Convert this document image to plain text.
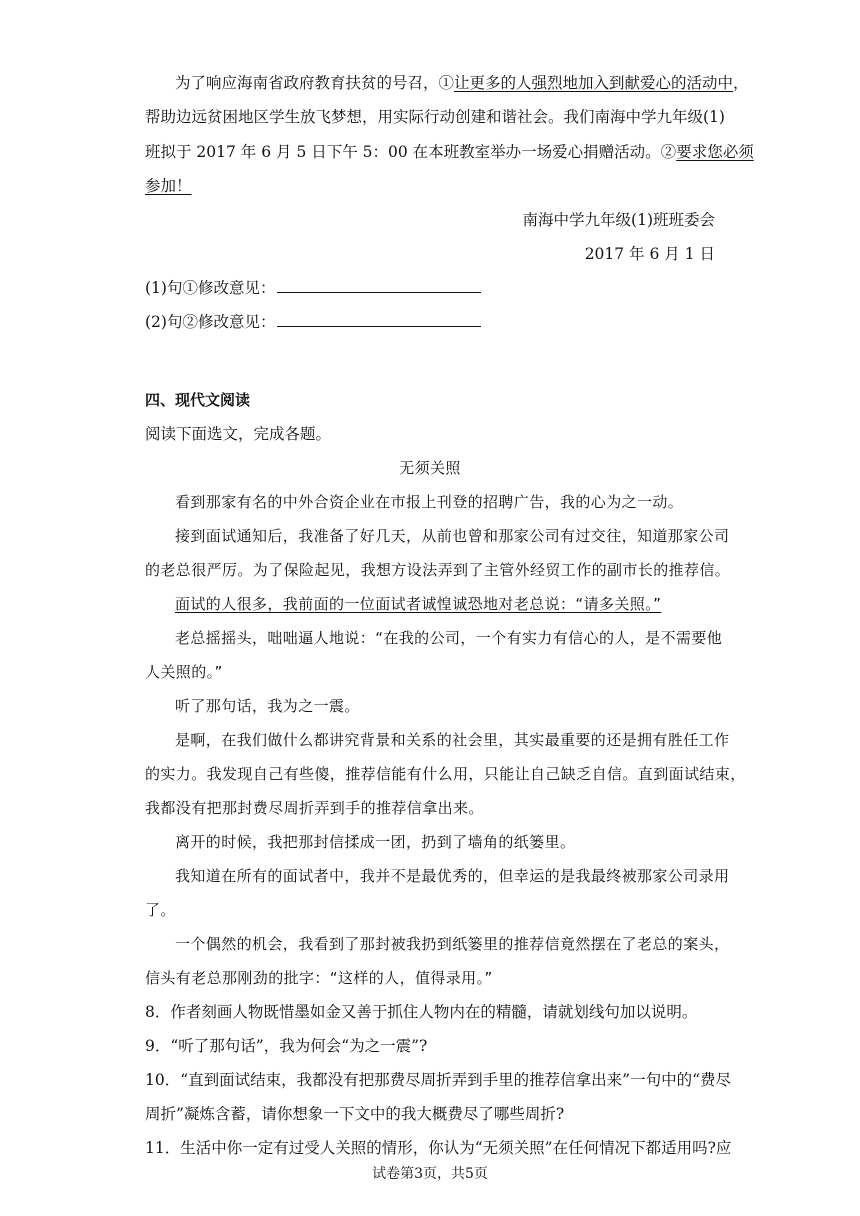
为了响应海南省政府教育扶贫的号召，①让更多的人强烈地加入到献爱心的活动中，
帮助边远贫困地区学生放飞梦想，用实际行动创建和谐社会。我们南海中学九年级(1)
班拟于 2017 年 6 月 5 日下午 5：00 在本班教室举办一场爱心捐赠活动。②要求您必须
参加！
南海中学九年级(1)班班委会
2017 年 6 月 1 日
(1)句①修改意见：
(2)句②修改意见：
四、现代文阅读
阅读下面选文，完成各题。
无须关照
看到那家有名的中外合资企业在市报上刊登的招聘广告，我的心为之一动。
接到面试通知后，我准备了好几天，从前也曾和那家公司有过交往，知道那家公司
的老总很严厉。为了保险起见，我想方设法弄到了主管外经贸工作的副市长的推荐信。
面试的人很多，我前面的一位面试者诚惶诚恐地对老总说：“请多关照。”
老总摇摇头，咄咄逼人地说：“在我的公司，一个有实力有信心的人，是不需要他
人关照的。”
听了那句话，我为之一震。
是啊，在我们做什么都讲究背景和关系的社会里，其实最重要的还是拥有胜任工作
的实力。我发现自己有些傻，推荐信能有什么用，只能让自己缺乏自信。直到面试结束，
我都没有把那封费尽周折弄到手的推荐信拿出来。
离开的时候，我把那封信揉成一团，扔到了墙角的纸篓里。
我知道在所有的面试者中，我并不是最优秀的，但幸运的是我最终被那家公司录用
了。
一个偶然的机会，我看到了那封被我扔到纸篓里的推荐信竟然摆在了老总的案头，
信头有老总那刚劲的批字：“这样的人，值得录用。”
8．作者刻画人物既惜墨如金又善于抓住人物内在的精髓，请就划线句加以说明。
9．“听了那句话”，我为何会“为之一震”?
10．“直到面试结束，我都没有把那费尽周折弄到手里的推荐信拿出来”一句中的“费尽
周折”凝炼含蓄，请你想象一下文中的我大概费尽了哪些周折?
11．生活中你一定有过受人关照的情形，你认为“无须关照”在任何情况下都适用吗?应
试卷第3页，共5页
